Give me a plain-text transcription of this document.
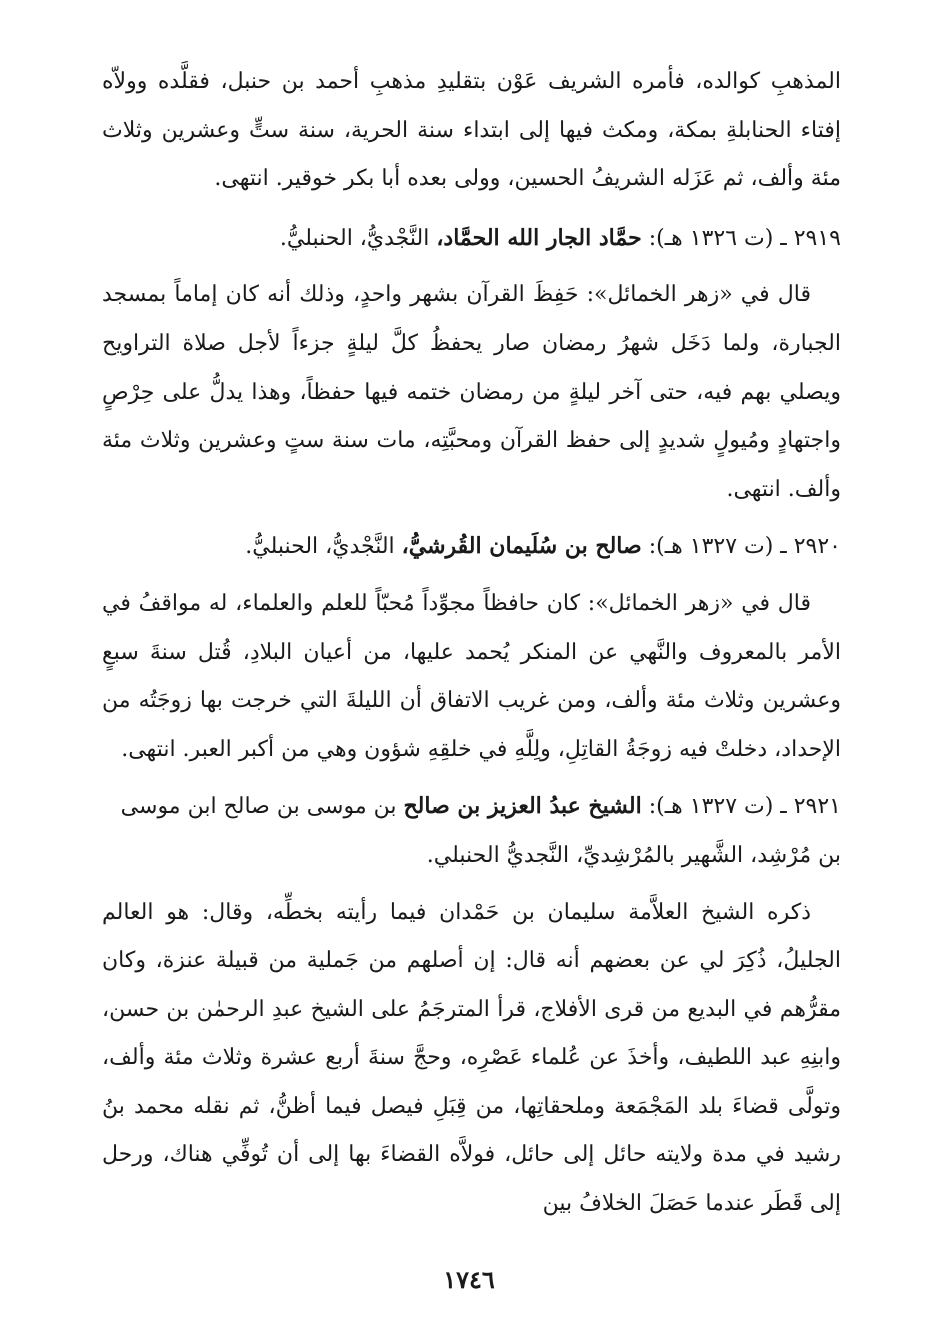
المذهبِ كوالده، فأمره الشريف عَوْن بتقليدِ مذهبِ أحمد بن حنبل، فقلَّده وولاّه إفتاء الحنابلةِ بمكة، ومكث فيها إلى ابتداء سنة الحرية، سنة ستٍّ وعشرين وثلاث مئة وألف، ثم عَزَله الشريفُ الحسين، وولى بعده أبا بكر خوقير. انتهى.

٢٩١٩ ـ (ت ١٣٢٦ هـ): حمَّاد الجار الله الحمَّاد، النَّجْديُّ، الحنبليُّ.

قال في «زهر الخمائل»: حَفِظَ القرآن بشهر واحدٍ، وذلك أنه كان إماماً بمسجد الجبارة، ولما دَخَل شهرُ رمضان صار يحفظُ كلَّ ليلةٍ جزءاً لأجل صلاة التراويح ويصلي بهم فيه، حتى آخر ليلةٍ من رمضان ختمه فيها حفظاً، وهذا يدلُّ على حِرْصٍ واجتهادٍ ومُيولٍ شديدٍ إلى حفظ القرآن ومحبَّتِه، مات سنة ستٍ وعشرين وثلاث مئة وألف. انتهى.

٢٩٢٠ ـ (ت ١٣٢٧ هـ): صالح بن سُلَيمان القُرشيُّ، النَّجْديُّ، الحنبليُّ.

قال في «زهر الخمائل»: كان حافظاً مجوِّداً مُحبّاً للعلم والعلماء، له مواقفُ في الأمر بالمعروف والنَّهي عن المنكر يُحمد عليها، من أعيان البلادِ، قُتل سنةَ سبعٍ وعشرين وثلاث مئة وألف، ومن غريب الاتفاق أن الليلةَ التي خرجت بها زوجَتُه من الإحداد، دخلتْ فيه زوجَةُ القاتِلِ، ولِلَّهِ في خلقِهِ شؤون وهي من أكبر العبر. انتهى.

٢٩٢١ ـ (ت ١٣٢٧ هـ): الشيخ عبدُ العزيز بن صالح بن موسى بن صالح ابن موسى بن مُرْشِد، الشَّهير بالمُرْشِديِّ، النَّجديُّ الحنبلي.

ذكره الشيخ العلاَّمة سليمان بن حَمْدان فيما رأيته بخطِّه، وقال: هو العالم الجليلُ، ذُكِرَ لي عن بعضهم أنه قال: إن أصلهم من جَملية من قبيلة عنزة، وكان مقرُّهم في البديع من قرى الأفلاج، قرأ المترجَمُ على الشيخ عبدِ الرحمٰن بن حسن، وابنِهِ عبد اللطيف، وأخذَ عن عُلماء عَصْرِه، وحجَّ سنةَ أربع عشرة وثلاث مئة وألف، وتولَّى قضاءَ بلد المَجْمَعة وملحقاتِها، من قِبَلِ فيصل فيما أظنُّ، ثم نقله محمد بنُ رشيد في مدة ولايته حائل إلى حائل، فولاَّه القضاءَ بها إلى أن تُوفِّي هناك، ورحل إلى قَطَر عندما حَصَلَ الخلافُ بين

١٧٤٦
